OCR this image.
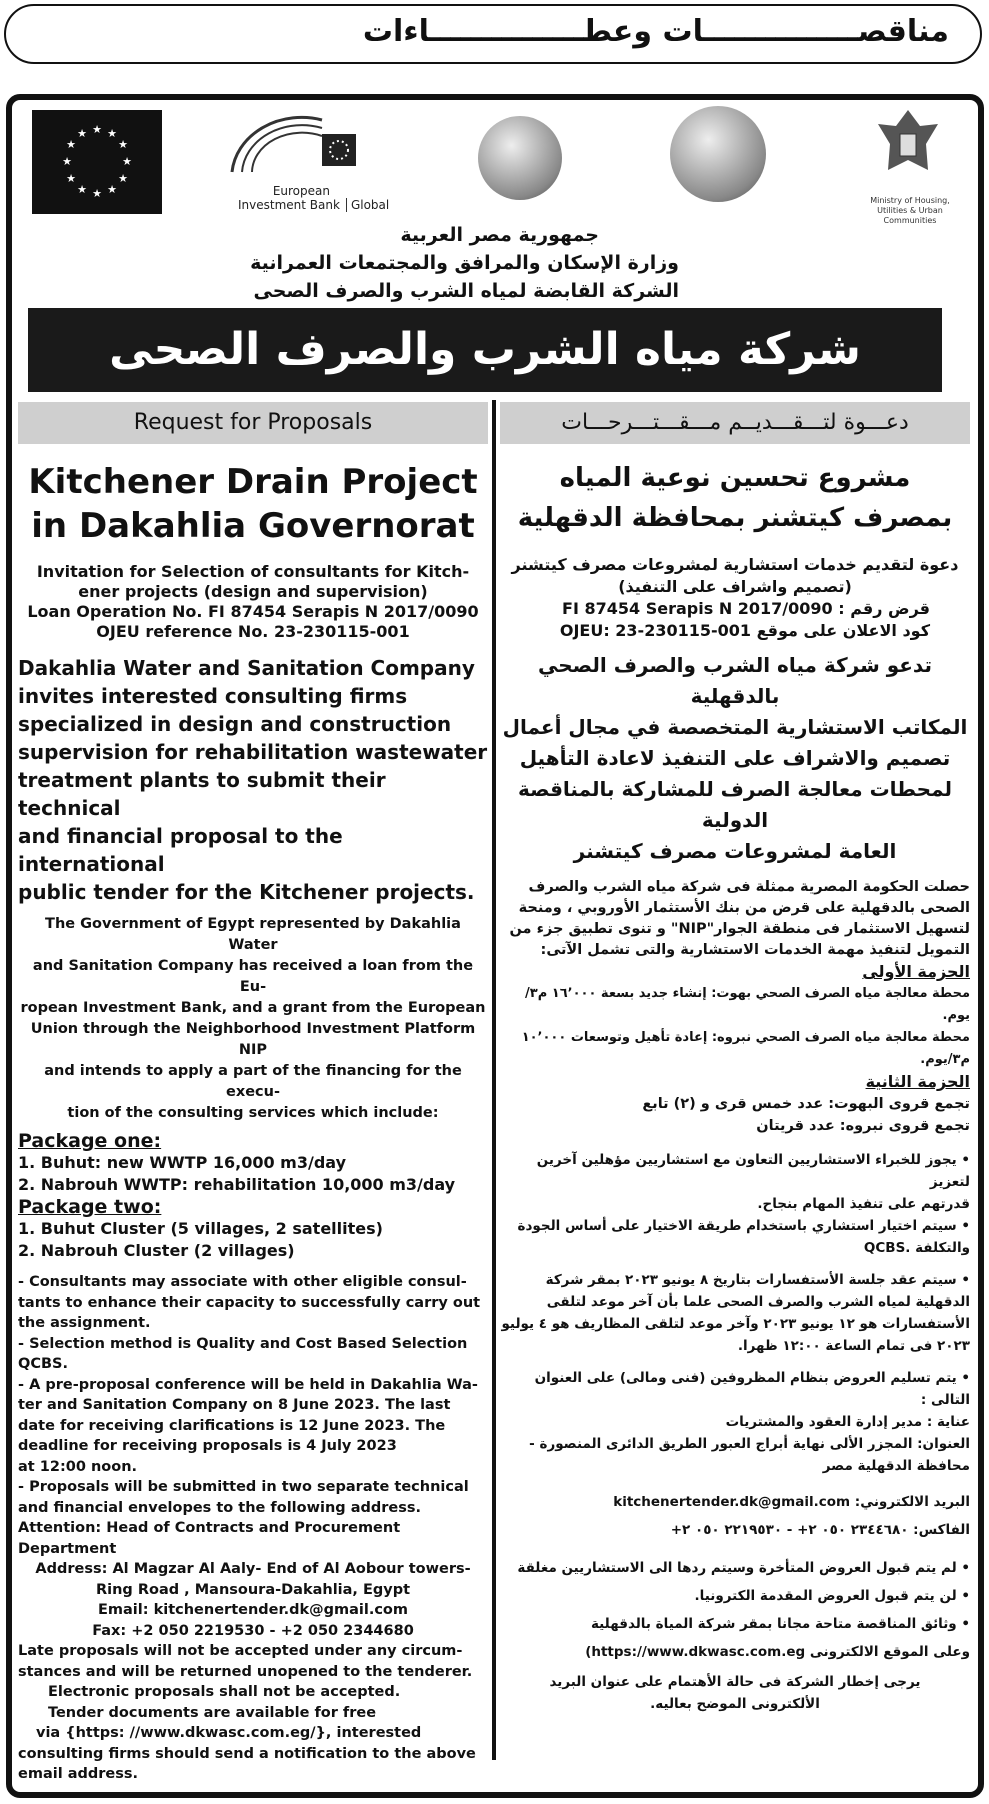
مناقصـــــــــــــــات وعطـــــــــــــــاءات
★ ★
★
★
★
★
★
★
★
★
★
★
European
Investment Bank Global	Ministry of Housing,
Utilities & Urban Communities
جمهورية مصر العربية
وزارة الإسكان والمرافق والمجتمعات العمرانية
الشركة القابضة لمياه الشرب والصرف الصحى
شركة مياه الشرب والصرف الصحى
Request for Proposals
Kitchener Drain Project
in Dakahlia Governorat
Invitation for Selection of consultants for Kitch-
ener projects (design and supervision)
Loan Operation No. FI 87454 Serapis N 2017/0090
OJEU reference No. 23-230115-001
Dakahlia Water and Sanitation Company
invites interested consulting firms
specialized in design and construction
supervision for rehabilitation wastewater
treatment plants to submit their technical
and financial proposal to the international
public tender for the Kitchener projects.
The Government of Egypt represented by Dakahlia Water
and Sanitation Company has received a loan from the Eu-
ropean Investment Bank, and a grant from the European
Union through the Neighborhood Investment Platform NIP
and intends to apply a part of the financing for the execu-
tion of the consulting services which include:
Package one:
1. Buhut: new WWTP 16,000 m3/day
2. Nabrouh WWTP: rehabilitation 10,000 m3/day
Package two:
1. Buhut Cluster (5 villages, 2 satellites)
2. Nabrouh Cluster (2 villages)
- Consultants may associate with other eligible consul-
tants to enhance their capacity to successfully carry out
the assignment.
- Selection method is Quality and Cost Based Selection
QCBS.
- A pre-proposal conference will be held in Dakahlia Wa-
ter and Sanitation Company on 8 June 2023. The last
date for receiving clarifications is 12 June 2023. The
deadline for receiving proposals is 4 July 2023
at 12:00 noon.
- Proposals will be submitted in two separate technical
and financial envelopes to the following address.
Attention: Head of Contracts and Procurement Department
Address: Al Magzar Al Aaly- End of Al Aobour towers-
Ring Road , Mansoura-Dakahlia, Egypt
Email: kitchenertender.dk@gmail.com
Fax: +2 050 2219530 - +2 050 2344680
Late proposals will not be accepted under any circum-
stances and will be returned unopened to the tenderer.
Electronic proposals shall not be accepted.
Tender documents are available for free
via {https: //www.dkwasc.com.eg/}, interested
consulting firms should send a notification to the above
email address.
دعـــوة لتـــقـــديــم مـــقـــتـــرحـــات
مشروع تحسين نوعية المياه
بمصرف كيتشنر بمحافظة الدقهلية
دعوة لتقديم خدمات استشارية لمشروعات مصرف كيتشنر
(تصميم واشراف على التنفيذ)
قرض رقم : FI 87454 Serapis N 2017/0090
كود الاعلان على موقع OJEU: 23-230115-001
تدعو شركة مياه الشرب والصرف الصحي بالدقهلية
المكاتب الاستشارية المتخصصة في مجال أعمال
تصميم والاشراف على التنفيذ لاعادة التأهيل
لمحطات معالجة الصرف للمشاركة بالمناقصة الدولية
العامة لمشروعات مصرف كيتشنر
حصلت الحكومة المصرية ممثلة فى شركة مياه الشرب والصرف
الصحى بالدقهلية على قرض من بنك الأستثمار الأوروبي ، ومنحة
لتسهيل الاستثمار فى منطقة الجوار"NIP" و تنوى تطبيق جزء من
التمويل لتنفيذ مهمة الخدمات الاستشارية والتى تشمل الآتى:
الحزمة الأولى
محطة معالجة مياه الصرف الصحي بهوت: إنشاء جديد بسعة ١٦٬٠٠٠ م٣/يوم.
محطة معالجة مياه الصرف الصحي نبروه: إعادة تأهيل وتوسعات ١٠٬٠٠٠ م٣/يوم.
الحزمة الثانية
تجمع قروى البهوت: عدد خمس قرى و (٢) تابع
تجمع قروى نبروه: عدد قريتان
• يجوز للخبراء الاستشاريين التعاون مع استشاريين مؤهلين آخرين لتعزيز
قدرتهم على تنفيذ المهام بنجاح.
• سيتم اختيار استشاري باستخدام طريقة الاختيار على أساس الجودة
والتكلفة .QCBS
• سيتم عقد جلسة الأستفسارات بتاريخ ٨ يونيو ٢٠٢٣ بمقر شركة
الدقهلية لمياه الشرب والصرف الصحى علما بأن آخر موعد لتلقى
الأستفسارات هو ١٢ يونيو ٢٠٢٣ وآخر موعد لتلقى المظاريف هو ٤ يوليو
٢٠٢٣ فى تمام الساعة ١٢:٠٠ ظهرا.
• يتم تسليم العروض بنظام المظروفين (فنى ومالى) على العنوان التالى :
عناية : مدير إدارة العقود والمشتريات
العنوان: المجزر الألى نهاية أبراج العبور الطريق الدائرى المنصورة -
محافظة الدقهلية مصر
البريد الالكتروني: kitchenertender.dk@gmail.com
الفاكس: ٢٣٤٤٦٨٠ ٠٥٠ ٢+ - ٢٢١٩٥٣٠ ٠٥٠ ٢+
• لم يتم قبول العروض المتأخرة وسيتم ردها الى الاستشاريين مغلقة
• لن يتم قبول العروض المقدمة الكترونيا.
• وثائق المناقصة متاحة مجانا بمقر شركة المياة بالدقهلية
وعلى الموقع الالكترونى https://www.dkwasc.com.eg)
يرجى إخطار الشركة فى حالة الأهتمام على عنوان البريد
الألكترونى الموضح بعاليه.
